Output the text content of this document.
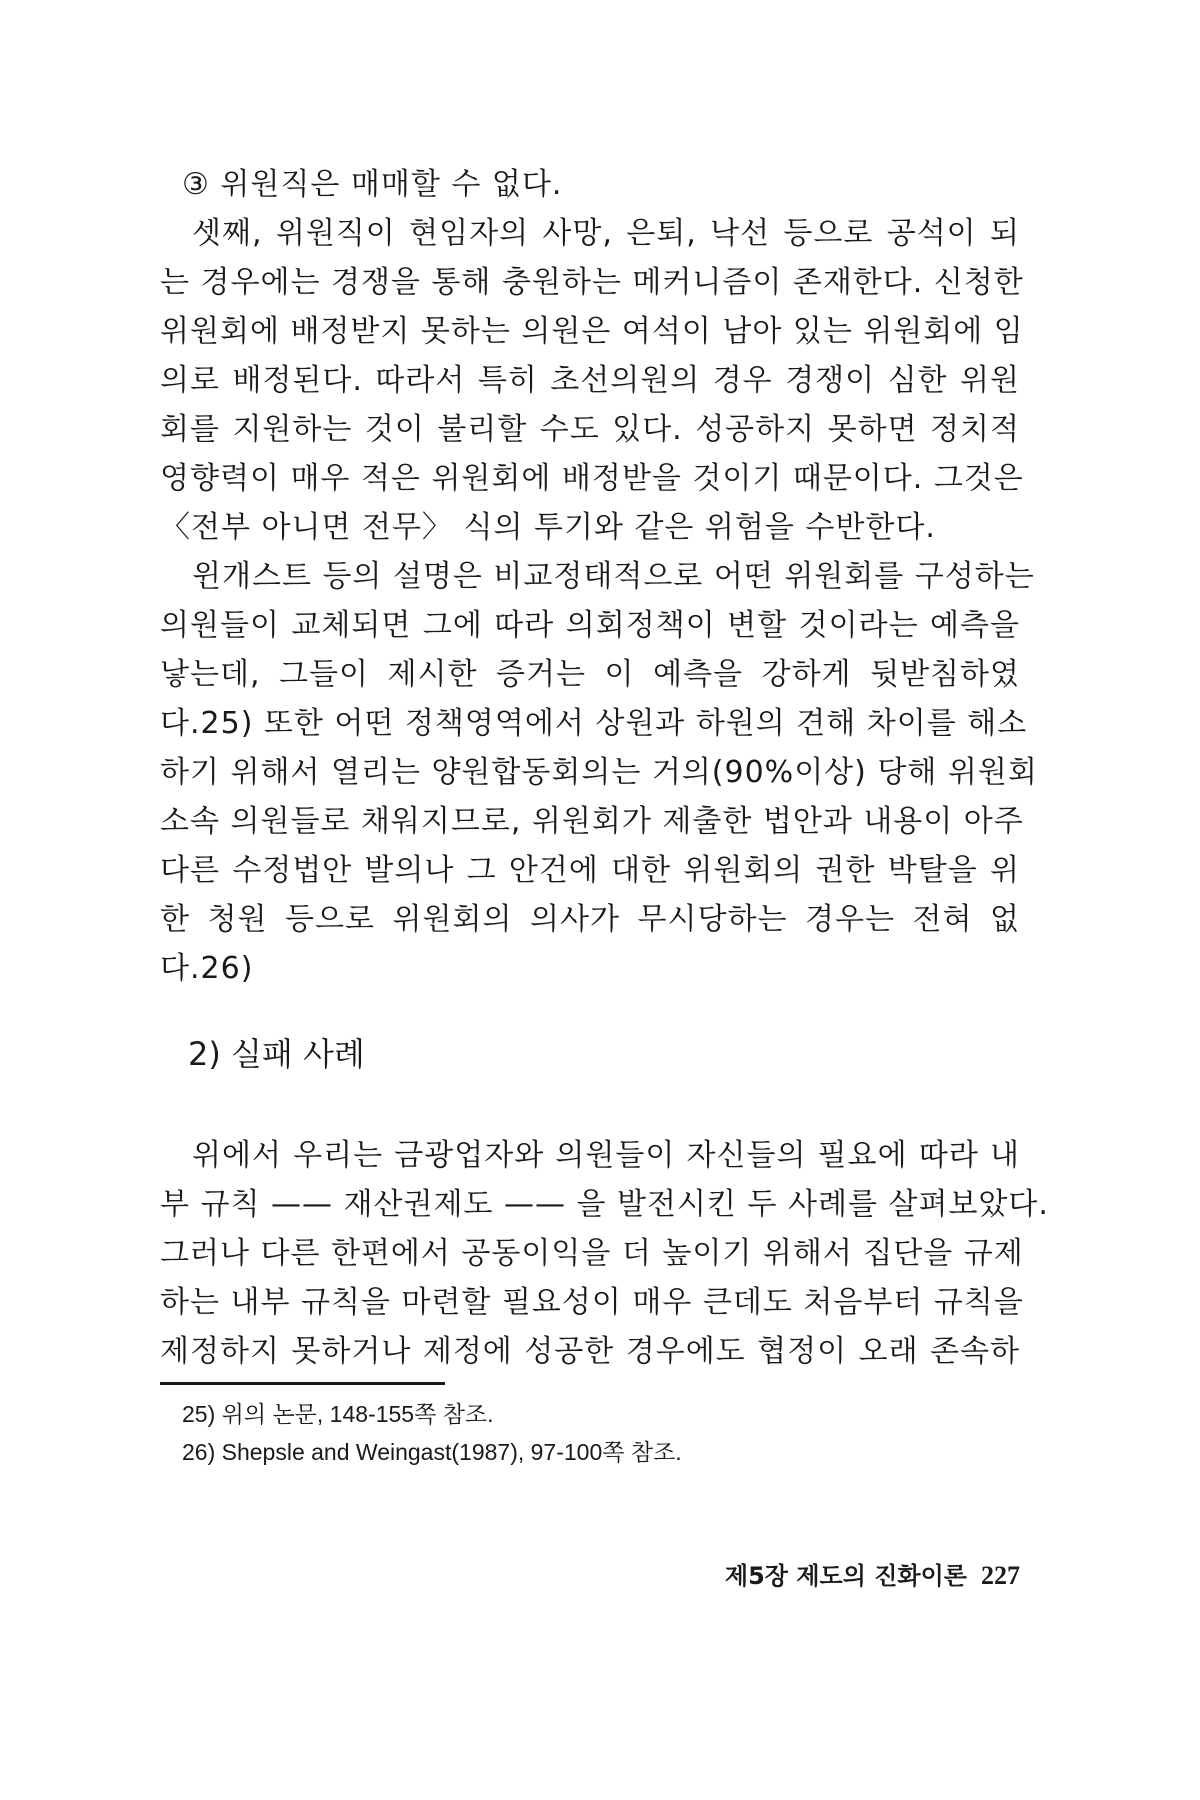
③ 위원직은 매매할 수 없다.
셋째, 위원직이 현임자의 사망, 은퇴, 낙선 등으로 공석이 되
는 경우에는 경쟁을 통해 충원하는 메커니즘이 존재한다. 신청한
위원회에 배정받지 못하는 의원은 여석이 남아 있는 위원회에 임
의로 배정된다. 따라서 특히 초선의원의 경우 경쟁이 심한 위원
회를 지원하는 것이 불리할 수도 있다. 성공하지 못하면 정치적
영향력이 매우 적은 위원회에 배정받을 것이기 때문이다. 그것은
〈전부 아니면 전무〉 식의 투기와 같은 위험을 수반한다.
윈개스트 등의 설명은 비교정태적으로 어떤 위원회를 구성하는
의원들이 교체되면 그에 따라 의회정책이 변할 것이라는 예측을
낳는데, 그들이 제시한 증거는 이 예측을 강하게 뒷받침하였
다.25) 또한 어떤 정책영역에서 상원과 하원의 견해 차이를 해소
하기 위해서 열리는 양원합동회의는 거의(90%이상) 당해 위원회
소속 의원들로 채워지므로, 위원회가 제출한 법안과 내용이 아주
다른 수정법안 발의나 그 안건에 대한 위원회의 권한 박탈을 위
한 청원 등으로 위원회의 의사가 무시당하는 경우는 전혀 없
다.26)
2) 실패 사례
위에서 우리는 금광업자와 의원들이 자신들의 필요에 따라 내
부 규칙 —— 재산권제도 —— 을 발전시킨 두 사례를 살펴보았다.
그러나 다른 한편에서 공동이익을 더 높이기 위해서 집단을 규제
하는 내부 규칙을 마련할 필요성이 매우 큰데도 처음부터 규칙을
제정하지 못하거나 제정에 성공한 경우에도 협정이 오래 존속하
25) 위의 논문, 148-155쪽 참조.
26) Shepsle and Weingast(1987), 97-100쪽 참조.
제5장 제도의 진화이론 227
